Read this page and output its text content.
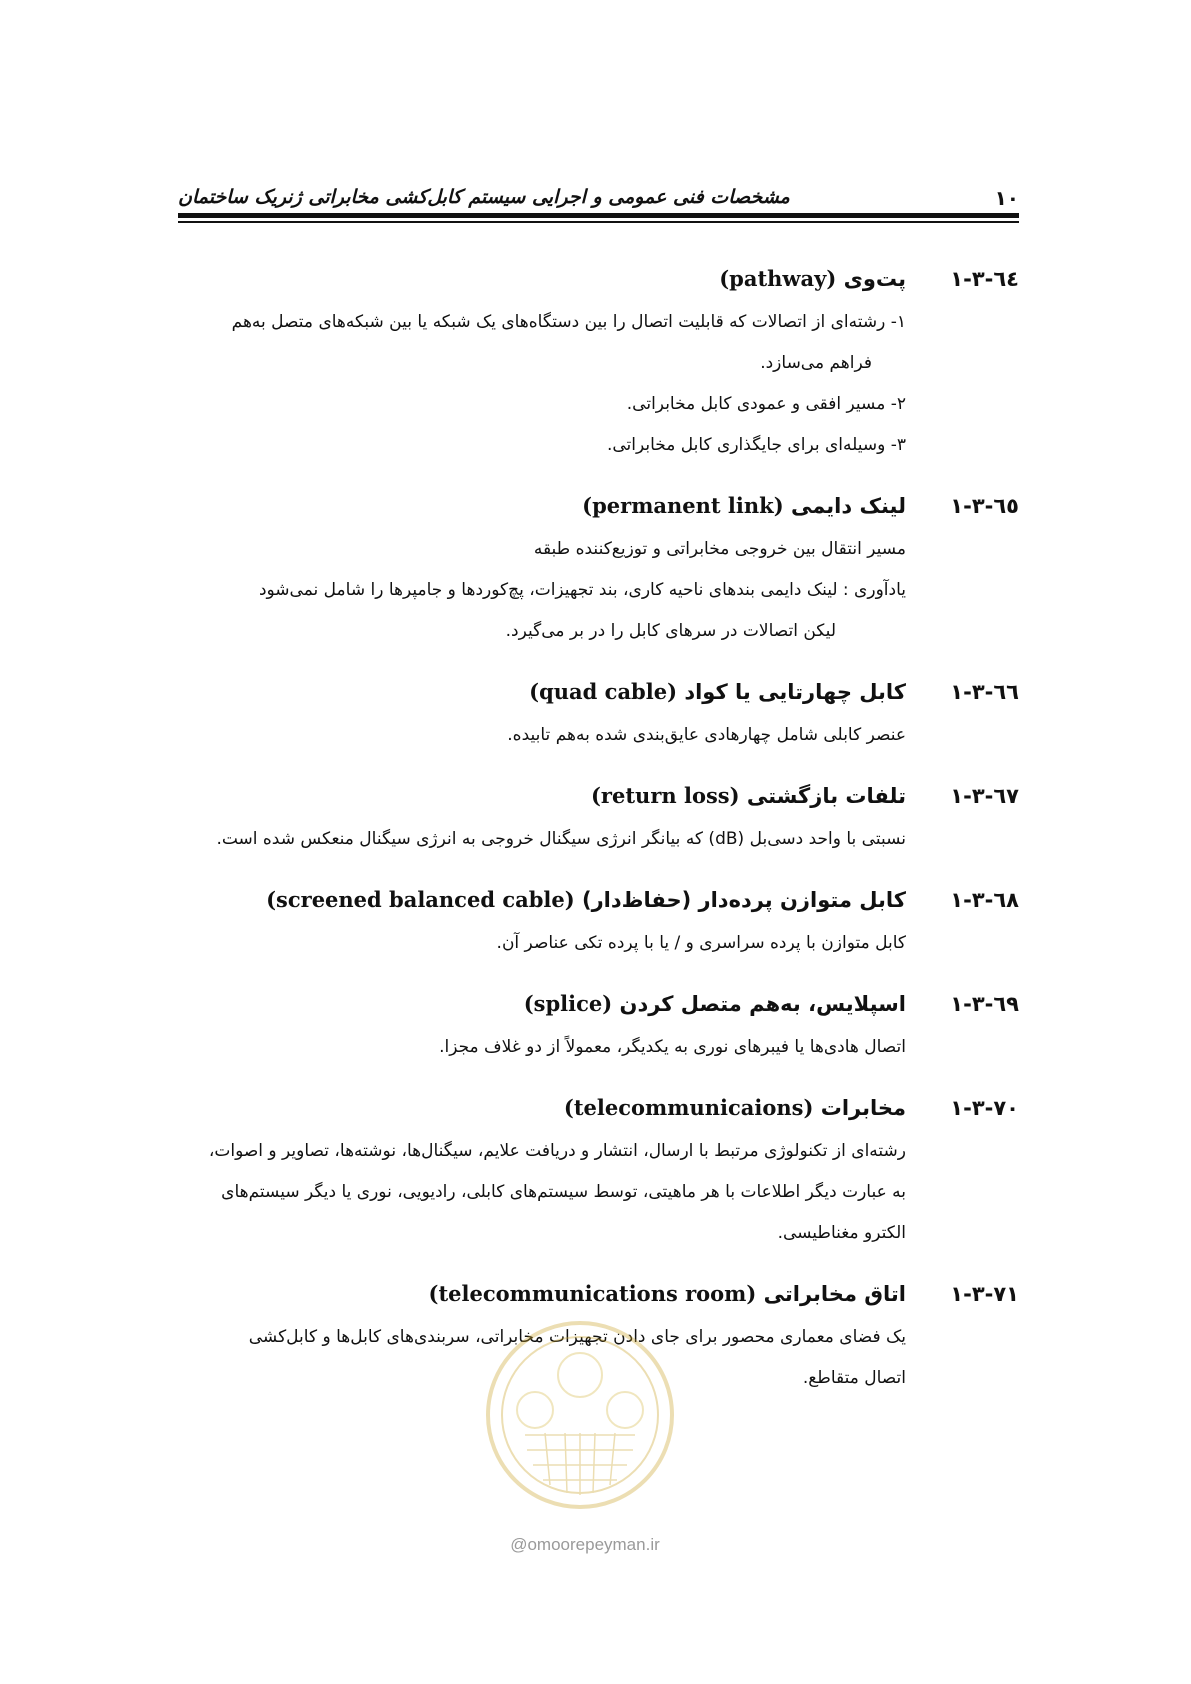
۱۰
مشخصات فنی عمومی و اجرایی سیستم کابل‌کشی مخابراتی ژنریک ساختمان
۱-۳-٦٤
پت‌وی (pathway)

۱- رشته‌ای از اتصالات که قابلیت اتصال را بین دستگاه‌های یک شبکه یا بین شبکه‌های متصل به‌هم

فراهم می‌سازد.

۲- مسیر افقی و عمودی کابل مخابراتی.

۳- وسیله‌ای برای جایگذاری کابل مخابراتی.

۱-۳-٦٥
لینک دایمی (permanent link)

مسیر انتقال بین خروجی مخابراتی و توزیع‌کننده طبقه

یادآوری : لینک دایمی بندهای ناحیه کاری، بند تجهیزات، پچ‌کوردها و جامپرها را شامل نمی‌شود

لیکن اتصالات در سرهای کابل را در بر می‌گیرد.

۱-۳-٦٦
کابل چهارتایی یا کواد (quad cable)

عنصر کابلی شامل چهارهادی عایق‌بندی شده به‌هم تابیده.

۱-۳-٦٧
تلفات بازگشتی (return loss)

نسبتی با واحد دسی‌بل (dB) که بیانگر انرژی سیگنال خروجی به انرژی سیگنال منعکس شده است.

۱-۳-٦٨
کابل متوازن پرده‌دار (حفاظ‌دار) (screened balanced cable)

کابل متوازن با پرده سراسری و / یا با پرده تکی عناصر آن.

۱-۳-٦٩
اسپلایس، به‌هم متصل کردن (splice)

اتصال هادی‌ها یا فیبرهای نوری به یکدیگر، معمولاً از دو غلاف مجزا.

۱-۳-٧٠
مخابرات (telecommunicaions)

رشته‌ای از تکنولوژی مرتبط با ارسال، انتشار و دریافت علایم، سیگنال‌ها، نوشته‌ها، تصاویر و اصوات،

به عبارت دیگر اطلاعات با هر ماهیتی، توسط سیستم‌های کابلی، رادیویی، نوری یا دیگر سیستم‌های

الکترو مغناطیسی.

۱-۳-٧١
اتاق مخابراتی (telecommunications room)

یک فضای معماری محصور برای جای دادن تجهیزات مخابراتی، سربندی‌های کابل‌ها و کابل‌کشی

اتصال متقاطع.

@omoorepeyman.ir
